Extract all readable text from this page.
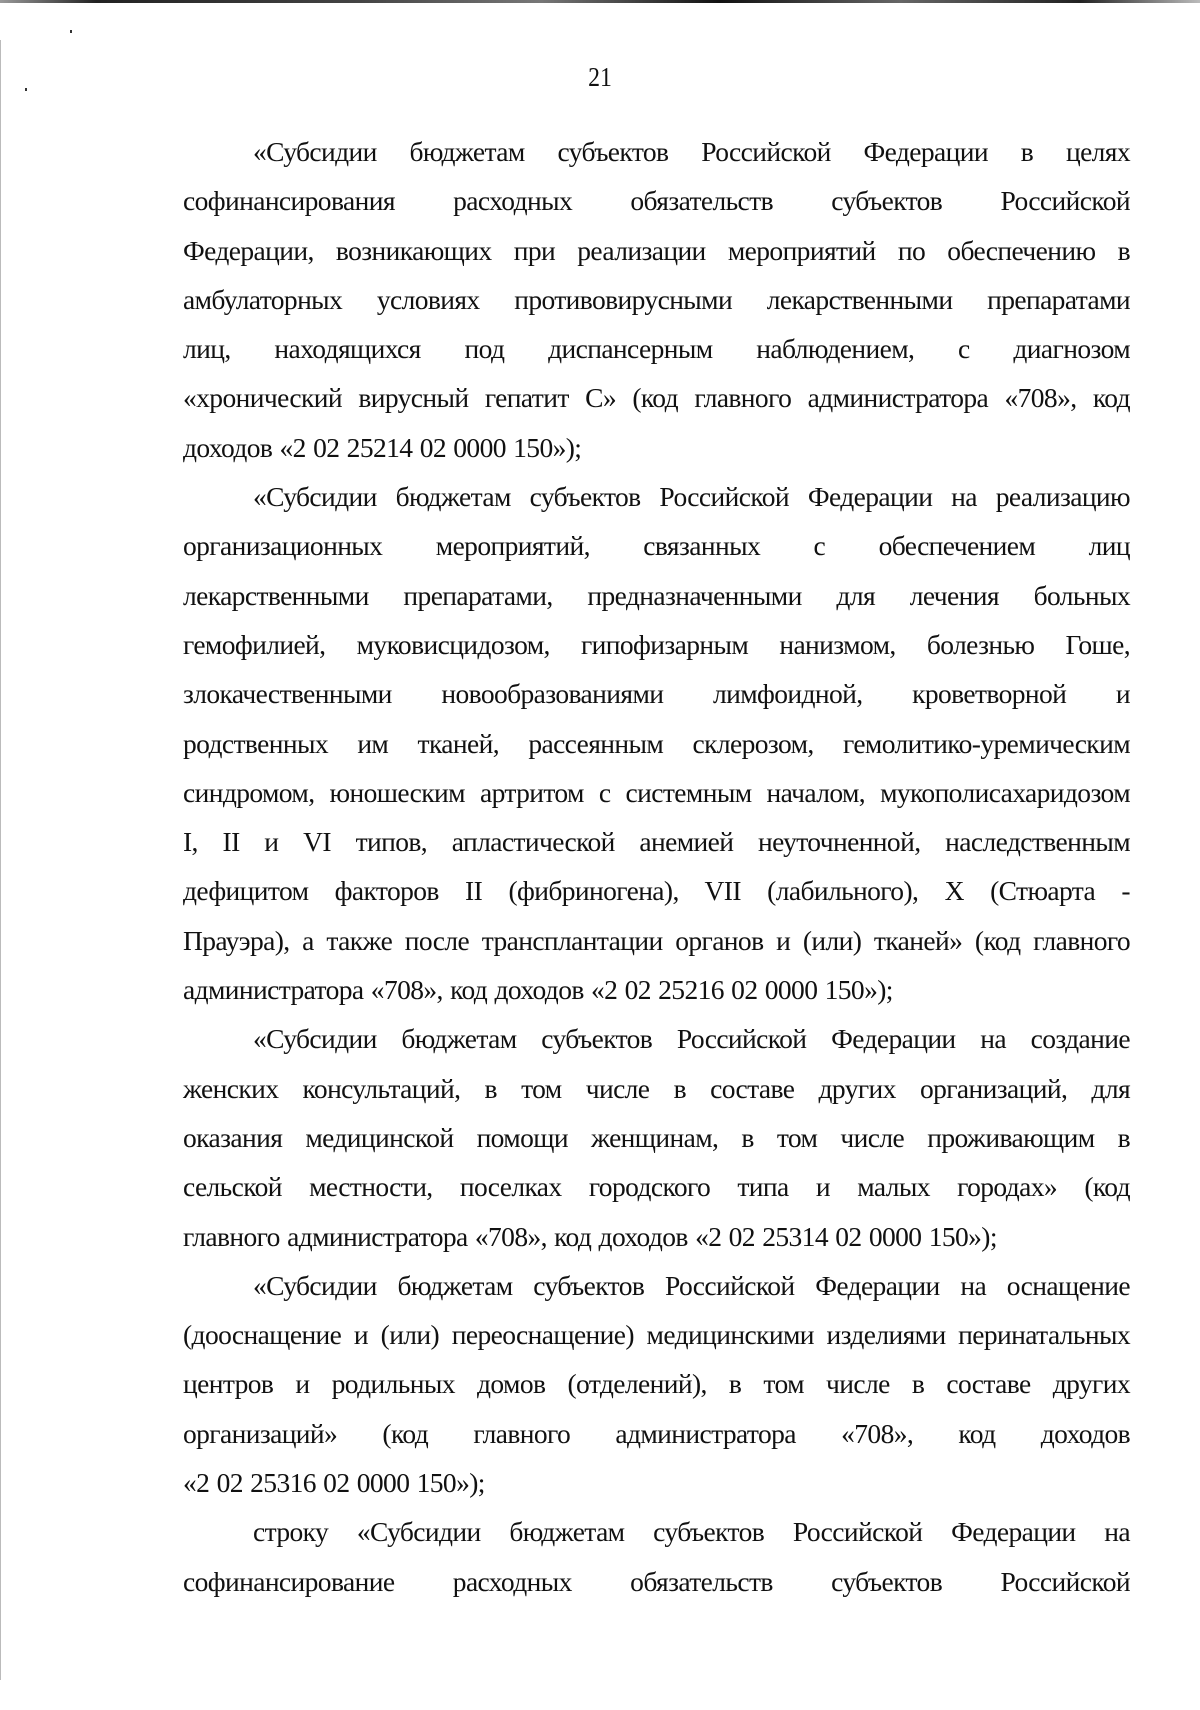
21

«Субсидии бюджетам субъектов Российской Федерации в целях
софинансирования расходных обязательств субъектов Российской
Федерации, возникающих при реализации мероприятий по обеспечению в
амбулаторных условиях противовирусными лекарственными препаратами
лиц, находящихся под диспансерным наблюдением, с диагнозом
«хронический вирусный гепатит С» (код главного администратора «708», код
доходов «2 02 25214 02 0000 150»);

«Субсидии бюджетам субъектов Российской Федерации на реализацию
организационных мероприятий, связанных с обеспечением лиц
лекарственными препаратами, предназначенными для лечения больных
гемофилией, муковисцидозом, гипофизарным нанизмом, болезнью Гоше,
злокачественными новообразованиями лимфоидной, кроветворной и
родственных им тканей, рассеянным склерозом, гемолитико-уремическим
синдромом, юношеским артритом с системным началом, мукополисахаридозом
I, II и VI типов, апластической анемией неуточненной, наследственным
дефицитом факторов II (фибриногена), VII (лабильного), X (Стюарта -
Прауэра), а также после трансплантации органов и (или) тканей» (код главного
администратора «708», код доходов «2 02 25216 02 0000 150»);

«Субсидии бюджетам субъектов Российской Федерации на создание
женских консультаций, в том числе в составе других организаций, для
оказания медицинской помощи женщинам, в том числе проживающим в
сельской местности, поселках городского типа и малых городах» (код
главного администратора «708», код доходов «2 02 25314 02 0000 150»);

«Субсидии бюджетам субъектов Российской Федерации на оснащение
(дооснащение и (или) переоснащение) медицинскими изделиями перинатальных
центров и родильных домов (отделений), в том числе в составе других
организаций» (код главного администратора «708», код доходов
«2 02 25316 02 0000 150»);

строку «Субсидии бюджетам субъектов Российской Федерации на
софинансирование расходных обязательств субъектов Российской
